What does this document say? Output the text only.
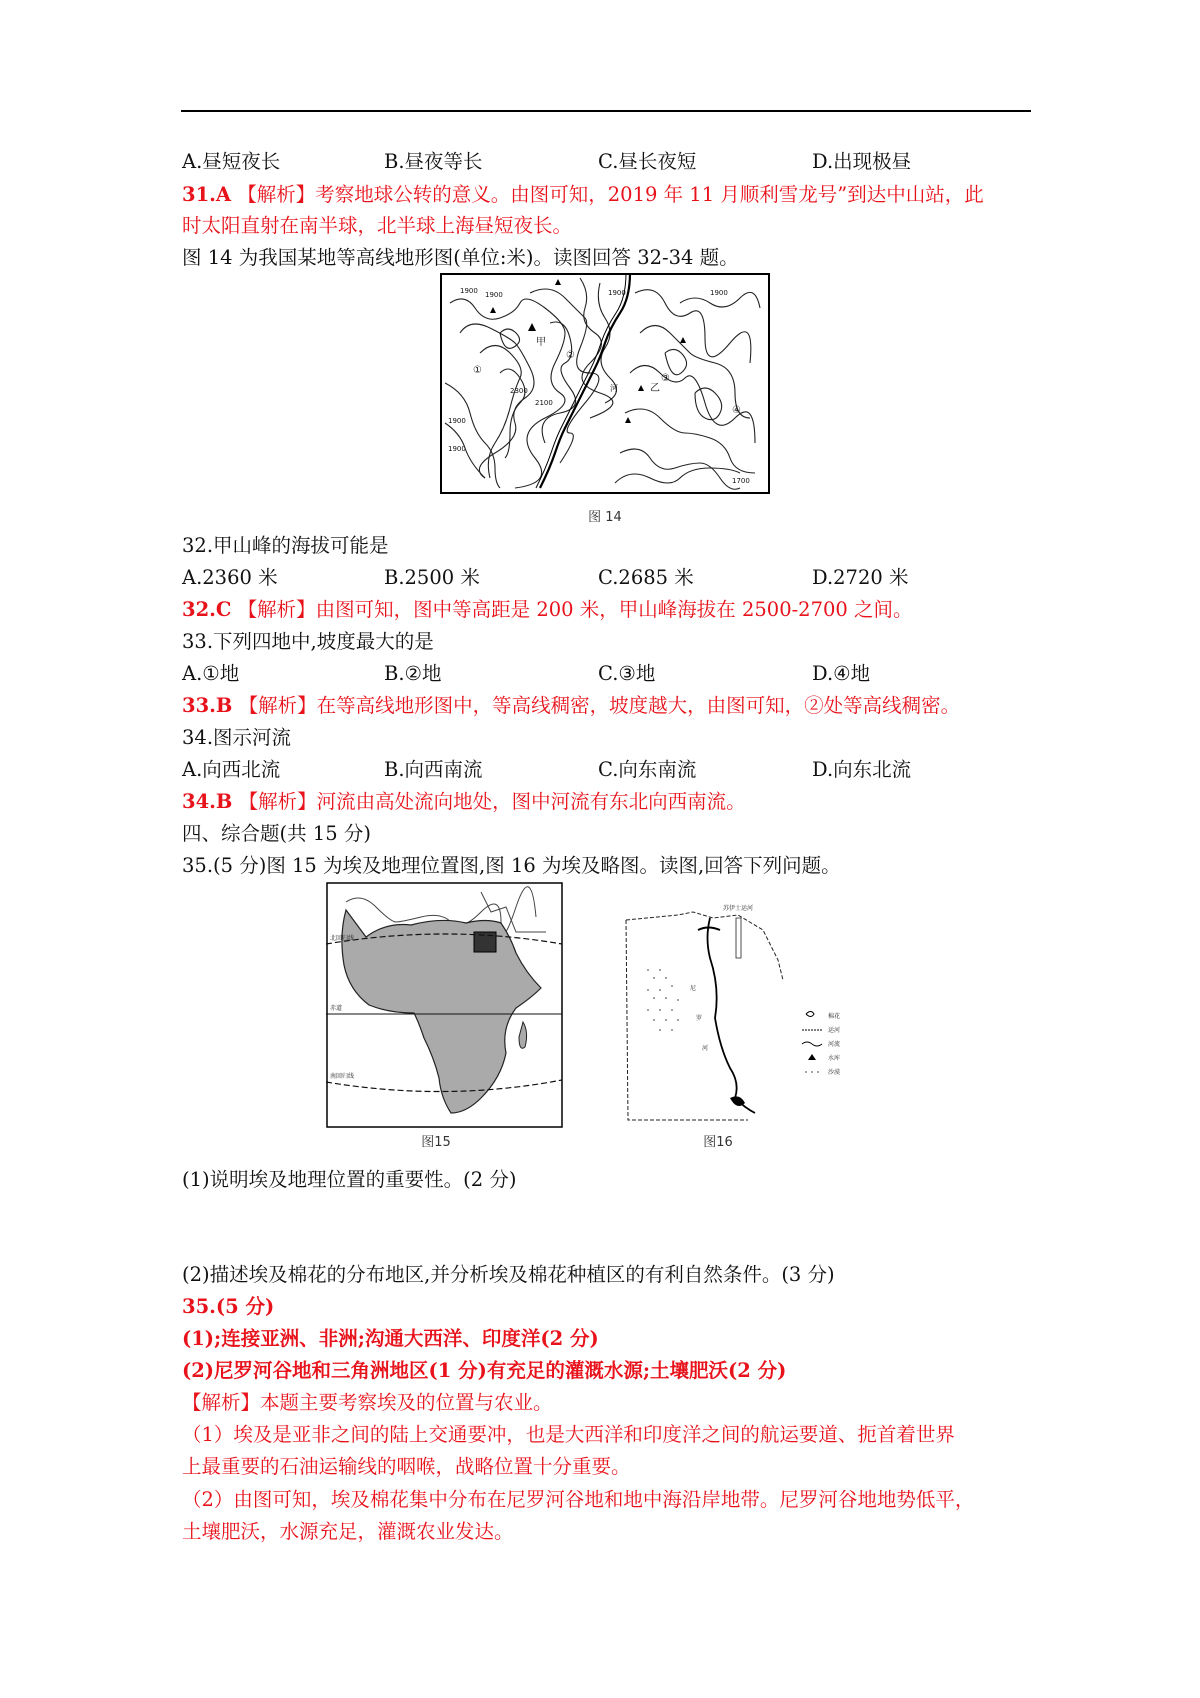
A.昼短夜长	B.昼夜等长	C.昼长夜短	D.出现极昼
31.A 【解析】考察地球公转的意义。由图可知，2019 年 11 月顺利雪龙号”到达中山站，此
时太阳直射在南半球，北半球上海昼短夜长。
图 14 为我国某地等高线地形图(单位:米)。读图回答 32-34 题。
1900 1900	1900
2300
2100
1900
1700
1900
1900
①
②
③
④
甲
乙
河
图 14
32.甲山峰的海拔可能是
A.2360 米	B.2500 米	C.2685 米	D.2720 米
32.C 【解析】由图可知，图中等高距是 200 米，甲山峰海拔在 2500-2700 之间。
33.下列四地中,坡度最大的是
A.①地	B.②地	C.③地	D.④地
33.B 【解析】在等高线地形图中，等高线稠密，坡度越大，由图可知，②处等高线稠密。
34.图示河流
A.向西北流	B.向西南流	C.向东南流	D.向东北流
34.B 【解析】河流由高处流向地处，图中河流有东北向西南流。
四、综合题(共 15 分)
35.(5 分)图 15 为埃及地理位置图,图 16 为埃及略图。读图,回答下列问题。
北回归线
赤道
南回归线
图15
苏伊士运河
尼
罗
河
棉花
运河
河流
水库
沙漠
图16
(1)说明埃及地理位置的重要性。(2 分)
(2)描述埃及棉花的分布地区,并分析埃及棉花种植区的有利自然条件。(3 分)
35.(5 分)
(1);连接亚洲、非洲;沟通大西洋、印度洋(2 分)
(2)尼罗河谷地和三角洲地区(1 分)有充足的灌溉水源;土壤肥沃(2 分)
【解析】本题主要考察埃及的位置与农业。
（1）埃及是亚非之间的陆上交通要冲，也是大西洋和印度洋之间的航运要道、扼首着世界
上最重要的石油运输线的咽喉，战略位置十分重要。
（2）由图可知，埃及棉花集中分布在尼罗河谷地和地中海沿岸地带。尼罗河谷地地势低平，
土壤肥沃，水源充足，灌溉农业发达。
